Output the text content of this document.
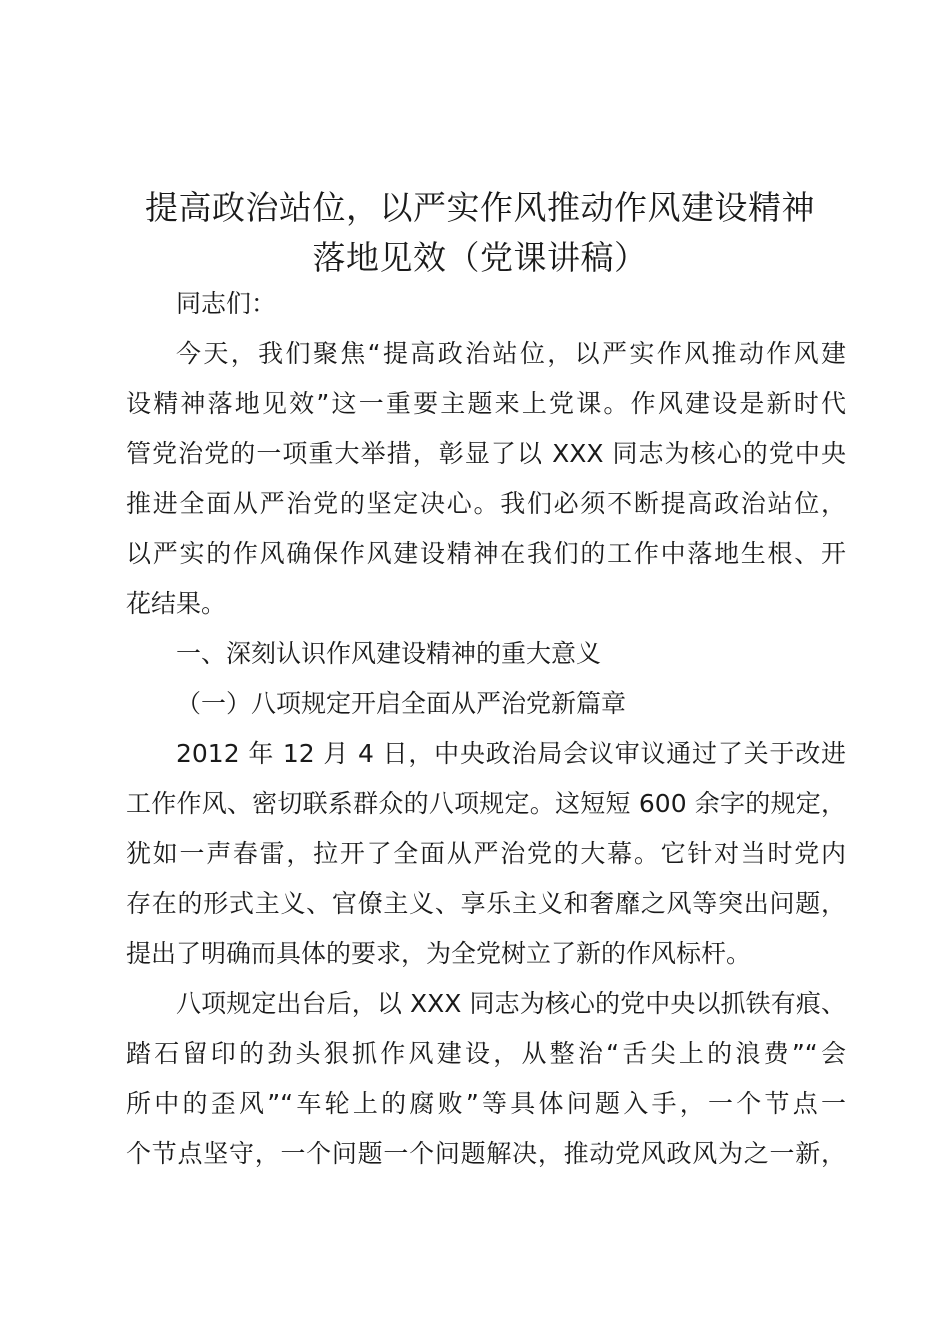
提高政治站位，以严实作风推动作风建设精神
落地见效（党课讲稿）
同志们：
今天，我们聚焦“提高政治站位，以严实作风推动作风建
设精神落地见效”这一重要主题来上党课。作风建设是新时代
管党治党的一项重大举措，彰显了以 XXX 同志为核心的党中央
推进全面从严治党的坚定决心。我们必须不断提高政治站位，
以严实的作风确保作风建设精神在我们的工作中落地生根、开
花结果。
一、深刻认识作风建设精神的重大意义
（一）八项规定开启全面从严治党新篇章
2012 年 12 月 4 日，中央政治局会议审议通过了关于改进
工作作风、密切联系群众的八项规定。这短短 600 余字的规定，
犹如一声春雷，拉开了全面从严治党的大幕。它针对当时党内
存在的形式主义、官僚主义、享乐主义和奢靡之风等突出问题，
提出了明确而具体的要求，为全党树立了新的作风标杆。
八项规定出台后，以 XXX 同志为核心的党中央以抓铁有痕、
踏石留印的劲头狠抓作风建设，从整治“舌尖上的浪费”“会
所中的歪风”“车轮上的腐败”等具体问题入手，一个节点一
个节点坚守，一个问题一个问题解决，推动党风政风为之一新，
